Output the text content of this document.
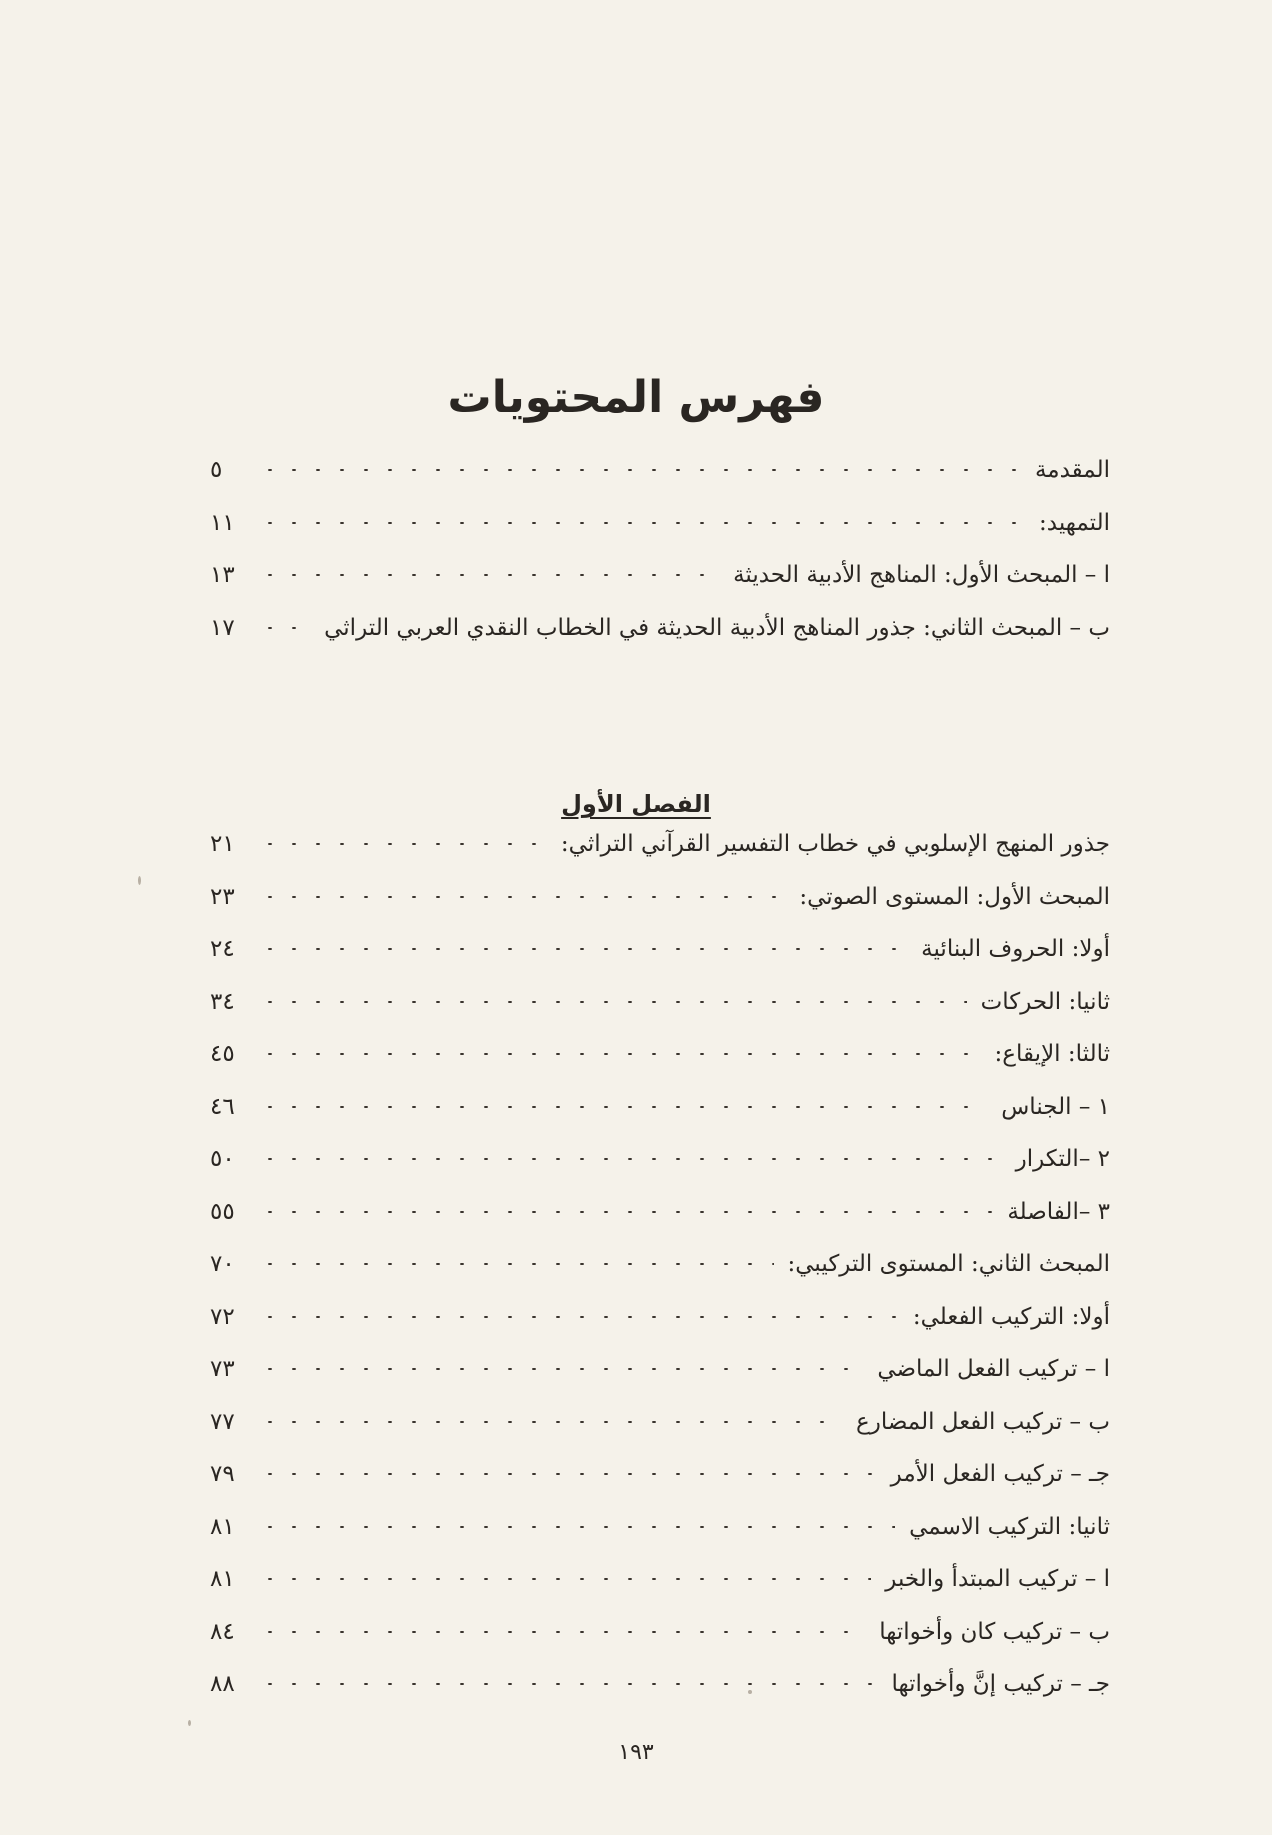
فهرس المحتويات
المقدمة
٥
التمهيد:
١١
ا – المبحث الأول: المناهج الأدبية الحديثة
١٣
ب – المبحث الثاني: جذور المناهج الأدبية الحديثة في الخطاب النقدي العربي التراثي
١٧
الفصل الأول
جذور المنهج الإسلوبي في خطاب التفسير القرآني التراثي:
٢١
المبحث الأول: المستوى الصوتي:
٢٣
أولا: الحروف البنائية
٢٤
ثانيا: الحركات
٣٤
ثالثا: الإيقاع:
٤٥
١ – الجناس
٤٦
٢ –التكرار
٥٠
٣ –الفاصلة
٥٥
المبحث الثاني: المستوى التركيبي:
٧٠
أولا: التركيب الفعلي:
٧٢
ا – تركيب الفعل الماضي
٧٣
ب – تركيب الفعل المضارع
٧٧
جـ – تركيب الفعل الأمر
٧٩
ثانيا: التركيب الاسمي
٨١
ا – تركيب المبتدأ والخبر
٨١
ب – تركيب كان وأخواتها
٨٤
جـ – تركيب إنَّ وأخواتها
٨٨
١٩٣
